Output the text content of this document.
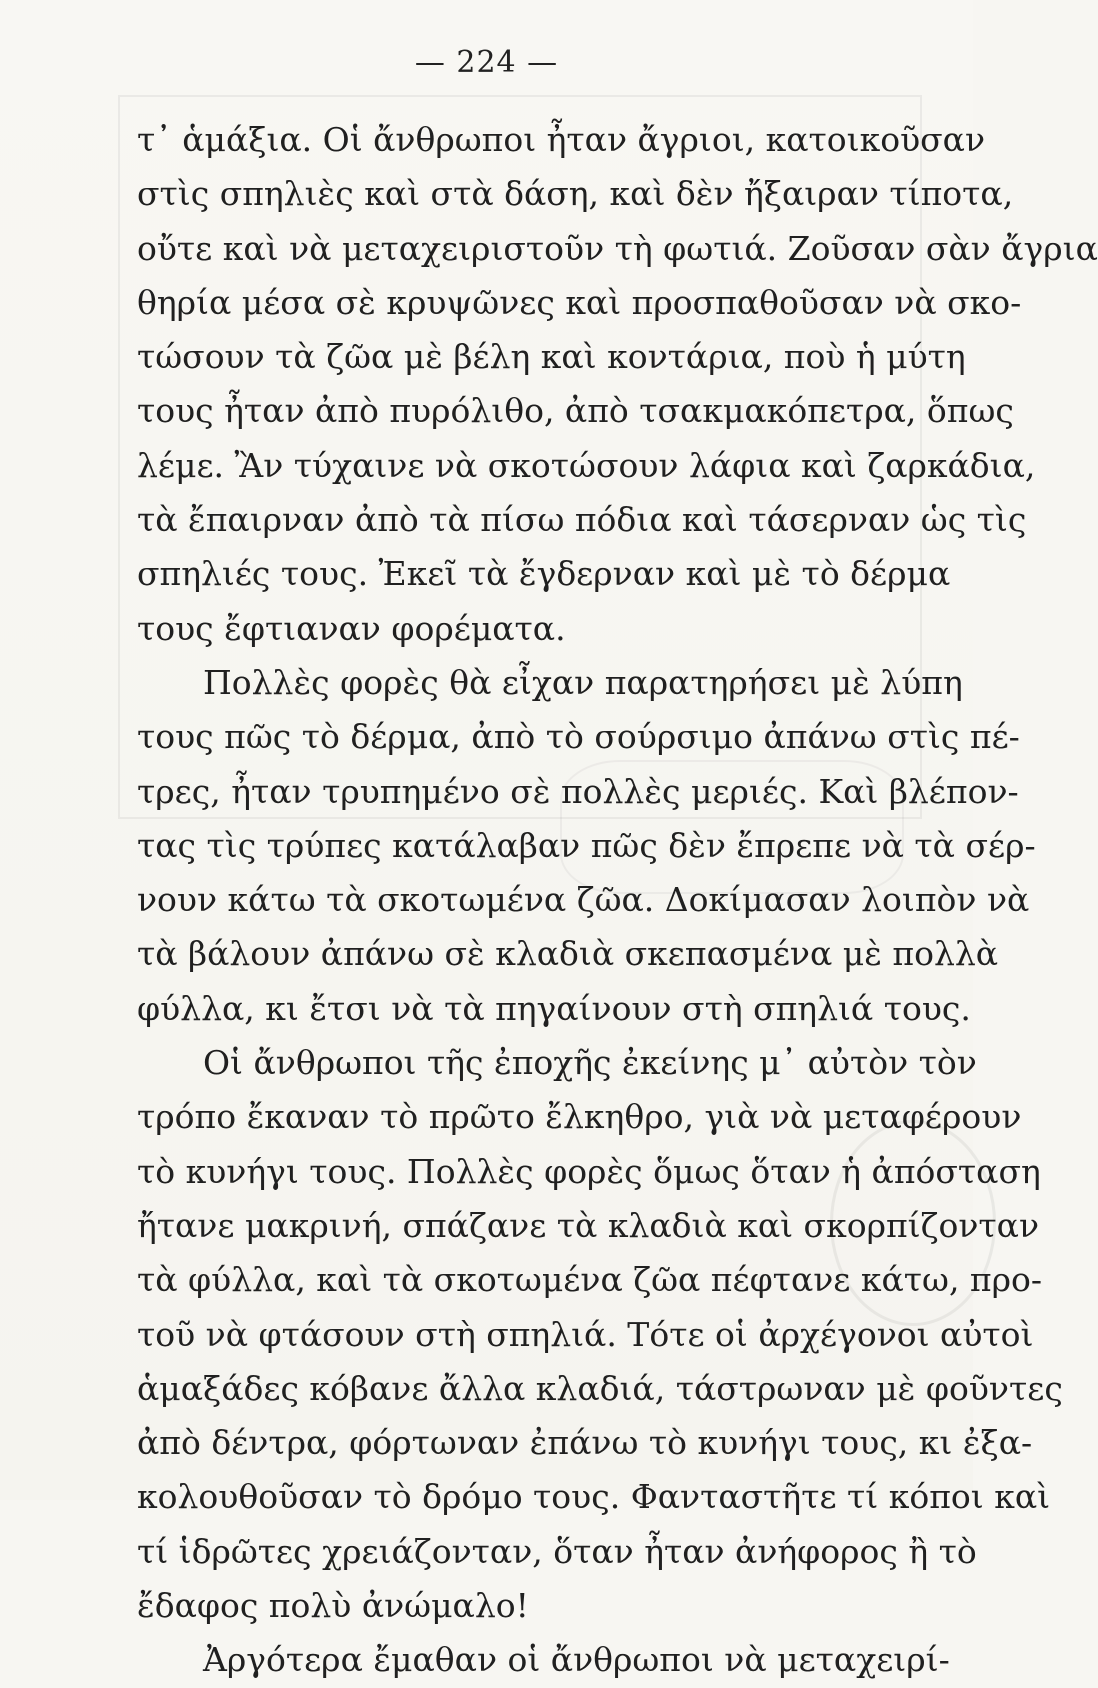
— 224 —
τ᾽ ἁμάξια. Οἱ ἄνθρωποι ἦταν ἄγριοι, κατοικοῦσαν
στὶς σπηλιὲς καὶ στὰ δάση, καὶ δὲν ἤξαιραν τίποτα,
οὔτε καὶ νὰ μεταχειριστοῦν τὴ φωτιά. Ζοῦσαν σὰν ἄγρια
θηρία μέσα σὲ κρυψῶνες καὶ προσπαθοῦσαν νὰ σκο-
τώσουν τὰ ζῶα μὲ βέλη καὶ κοντάρια, ποὺ ἡ μύτη
τους ἦταν ἀπὸ πυρόλιθο, ἀπὸ τσακμακόπετρα, ὅπως
λέμε. Ἂν τύχαινε νὰ σκοτώσουν λάφια καὶ ζαρκάδια,
τὰ ἔπαιρναν ἀπὸ τὰ πίσω πόδια καὶ τάσερναν ὡς τὶς
σπηλιές τους. Ἐκεῖ τὰ ἔγδερναν καὶ μὲ τὸ δέρμα
τους ἔφτιαναν φορέματα.
Πολλὲς φορὲς θὰ εἶχαν παρατηρήσει μὲ λύπη
τους πῶς τὸ δέρμα, ἀπὸ τὸ σούρσιμο ἀπάνω στὶς πέ-
τρες, ἦταν τρυπημένο σὲ πολλὲς μεριές. Καὶ βλέπον-
τας τὶς τρύπες κατάλαβαν πῶς δὲν ἔπρεπε νὰ τὰ σέρ-
νουν κάτω τὰ σκοτωμένα ζῶα. Δοκίμασαν λοιπὸν νὰ
τὰ βάλουν ἀπάνω σὲ κλαδιὰ σκεπασμένα μὲ πολλὰ
φύλλα, κι ἔτσι νὰ τὰ πηγαίνουν στὴ σπηλιά τους.
Οἱ ἄνθρωποι τῆς ἐποχῆς ἐκείνης μ᾽ αὐτὸν τὸν
τρόπο ἔκαναν τὸ πρῶτο ἔλκηθρο, γιὰ νὰ μεταφέρουν
τὸ κυνήγι τους. Πολλὲς φορὲς ὅμως ὅταν ἡ ἀπόσταση
ἤτανε μακρινή, σπάζανε τὰ κλαδιὰ καὶ σκορπίζονταν
τὰ φύλλα, καὶ τὰ σκοτωμένα ζῶα πέφτανε κάτω, προ-
τοῦ νὰ φτάσουν στὴ σπηλιά. Τότε οἱ ἀρχέγονοι αὐτοὶ
ἁμαξάδες κόβανε ἄλλα κλαδιά, τάστρωναν μὲ φοῦντες
ἀπὸ δέντρα, φόρτωναν ἐπάνω τὸ κυνήγι τους, κι ἐξα-
κολουθοῦσαν τὸ δρόμο τους. Φανταστῆτε τί κόποι καὶ
τί ἱδρῶτες χρειάζονταν, ὅταν ἦταν ἀνήφορος ἢ τὸ
ἔδαφος πολὺ ἀνώμαλο!
Ἀργότερα ἔμαθαν οἱ ἄνθρωποι νὰ μεταχειρί-
